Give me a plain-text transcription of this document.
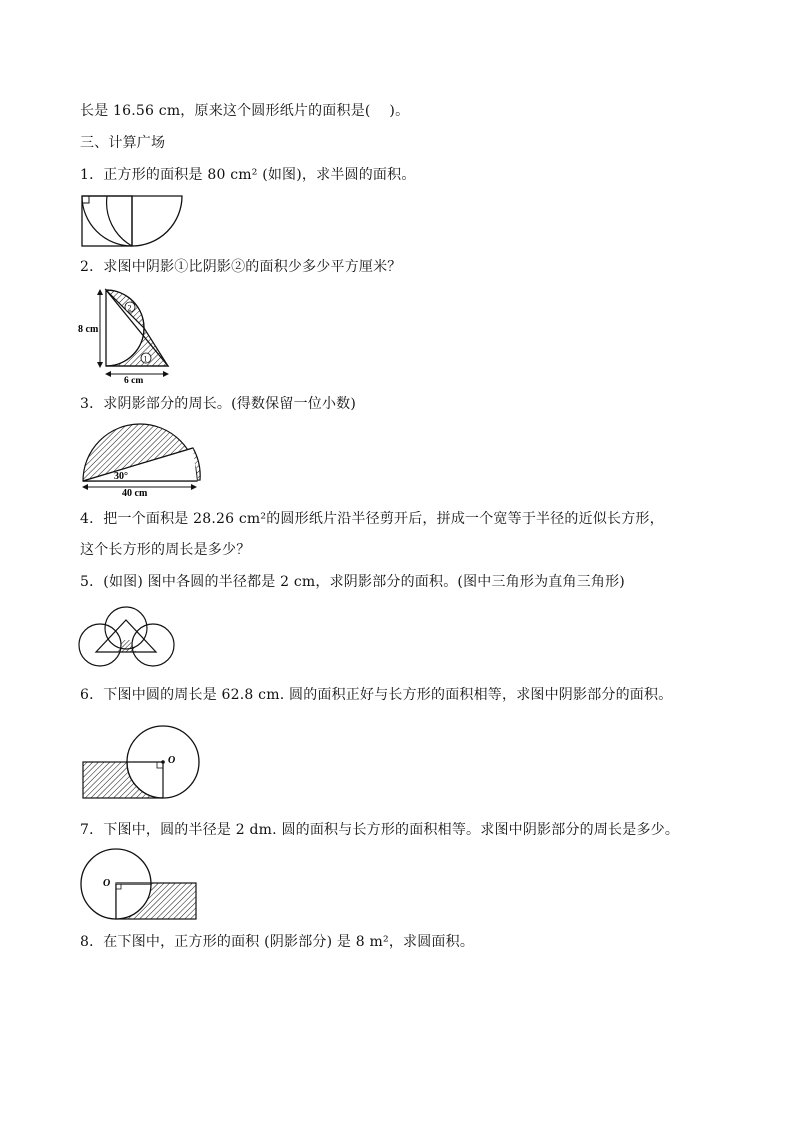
长是 16.56 cm，原来这个圆形纸片的面积是(　 )。
三、计算广场
1．正方形的面积是 80 cm² (如图)，求半圆的面积。
2．求图中阴影①比阴影②的面积少多少平方厘米？
3．求阴影部分的周长。(得数保留一位小数)
4．把一个面积是 28.26 cm²的圆形纸片沿半径剪开后，拼成一个宽等于半径的近似长方形，
这个长方形的周长是多少？
5．(如图) 图中各圆的半径都是 2 cm，求阴影部分的面积。(图中三角形为直角三角形)
6．下图中圆的周长是 62.8 cm. 圆的面积正好与长方形的面积相等，求图中阴影部分的面积。
7．下图中，圆的半径是 2 dm. 圆的面积与长方形的面积相等。求图中阴影部分的周长是多少。
8．在下图中，正方形的面积 (阴影部分) 是 8 m²，求圆面积。
8 cm
2
1
6 cm
30°
40 cm
O
O
